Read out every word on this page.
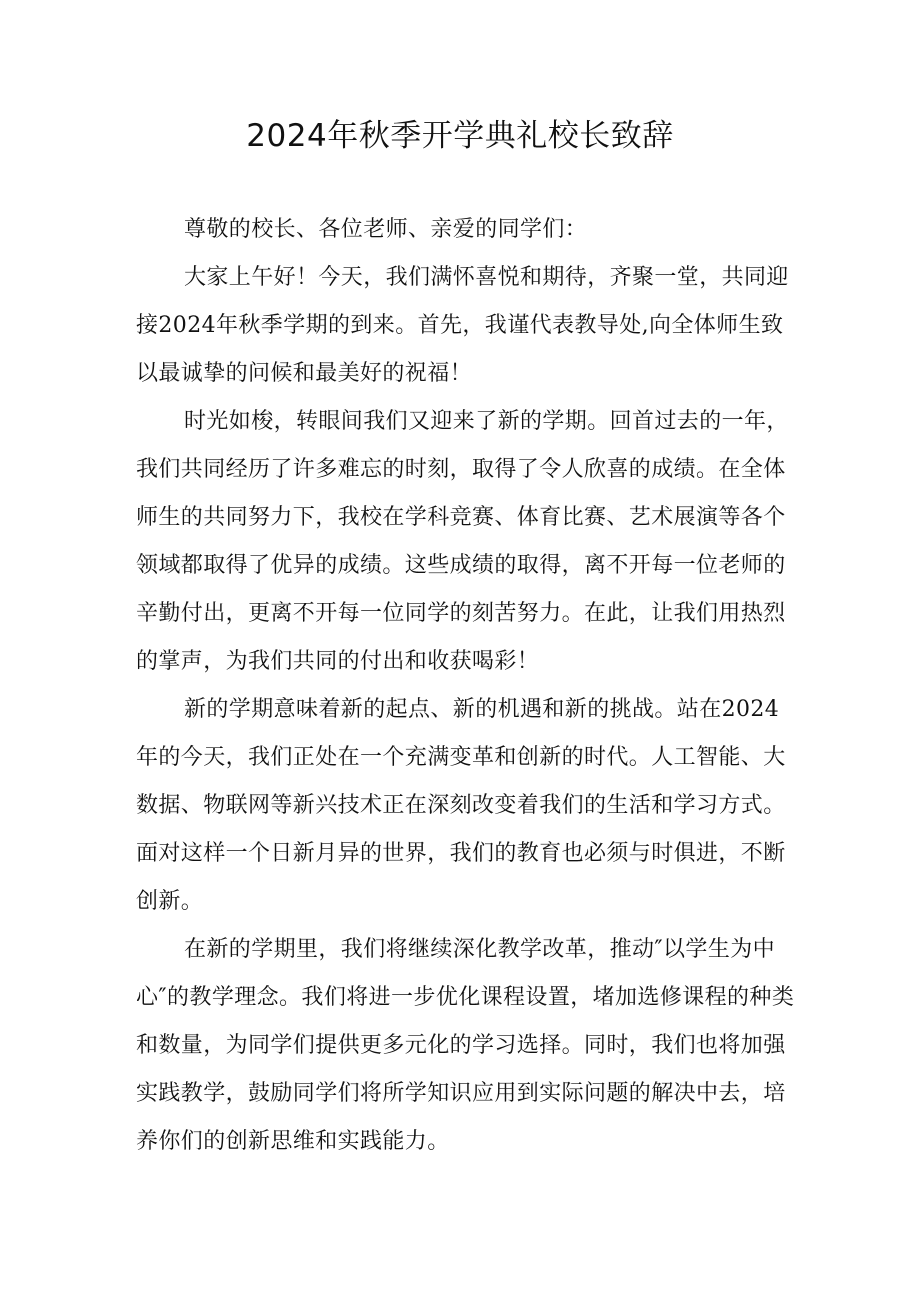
2024年秋季开学典礼校长致辞

尊敬的校长、各位老师、亲爱的同学们：

大家上午好！今天，我们满怀喜悦和期待，齐聚一堂，共同迎接2024年秋季学期的到来。首先，我谨代表教导处,向全体师生致以最诚挚的问候和最美好的祝福！

时光如梭，转眼间我们又迎来了新的学期。回首过去的一年，我们共同经历了许多难忘的时刻，取得了令人欣喜的成绩。在全体师生的共同努力下，我校在学科竞赛、体育比赛、艺术展演等各个领域都取得了优异的成绩。这些成绩的取得，离不开每一位老师的辛勤付出，更离不开每一位同学的刻苦努力。在此，让我们用热烈的掌声，为我们共同的付出和收获喝彩！

新的学期意味着新的起点、新的机遇和新的挑战。站在2024年的今天，我们正处在一个充满变革和创新的时代。人工智能、大数据、物联网等新兴技术正在深刻改变着我们的生活和学习方式。面对这样一个日新月异的世界，我们的教育也必须与时俱进，不断创新。

在新的学期里，我们将继续深化教学改革，推动″以学生为中心″的教学理念。我们将进一步优化课程设置，堵加选修课程的种类和数量，为同学们提供更多元化的学习选择。同时，我们也将加强实践教学，鼓励同学们将所学知识应用到实际问题的解决中去，培养你们的创新思维和实践能力。
